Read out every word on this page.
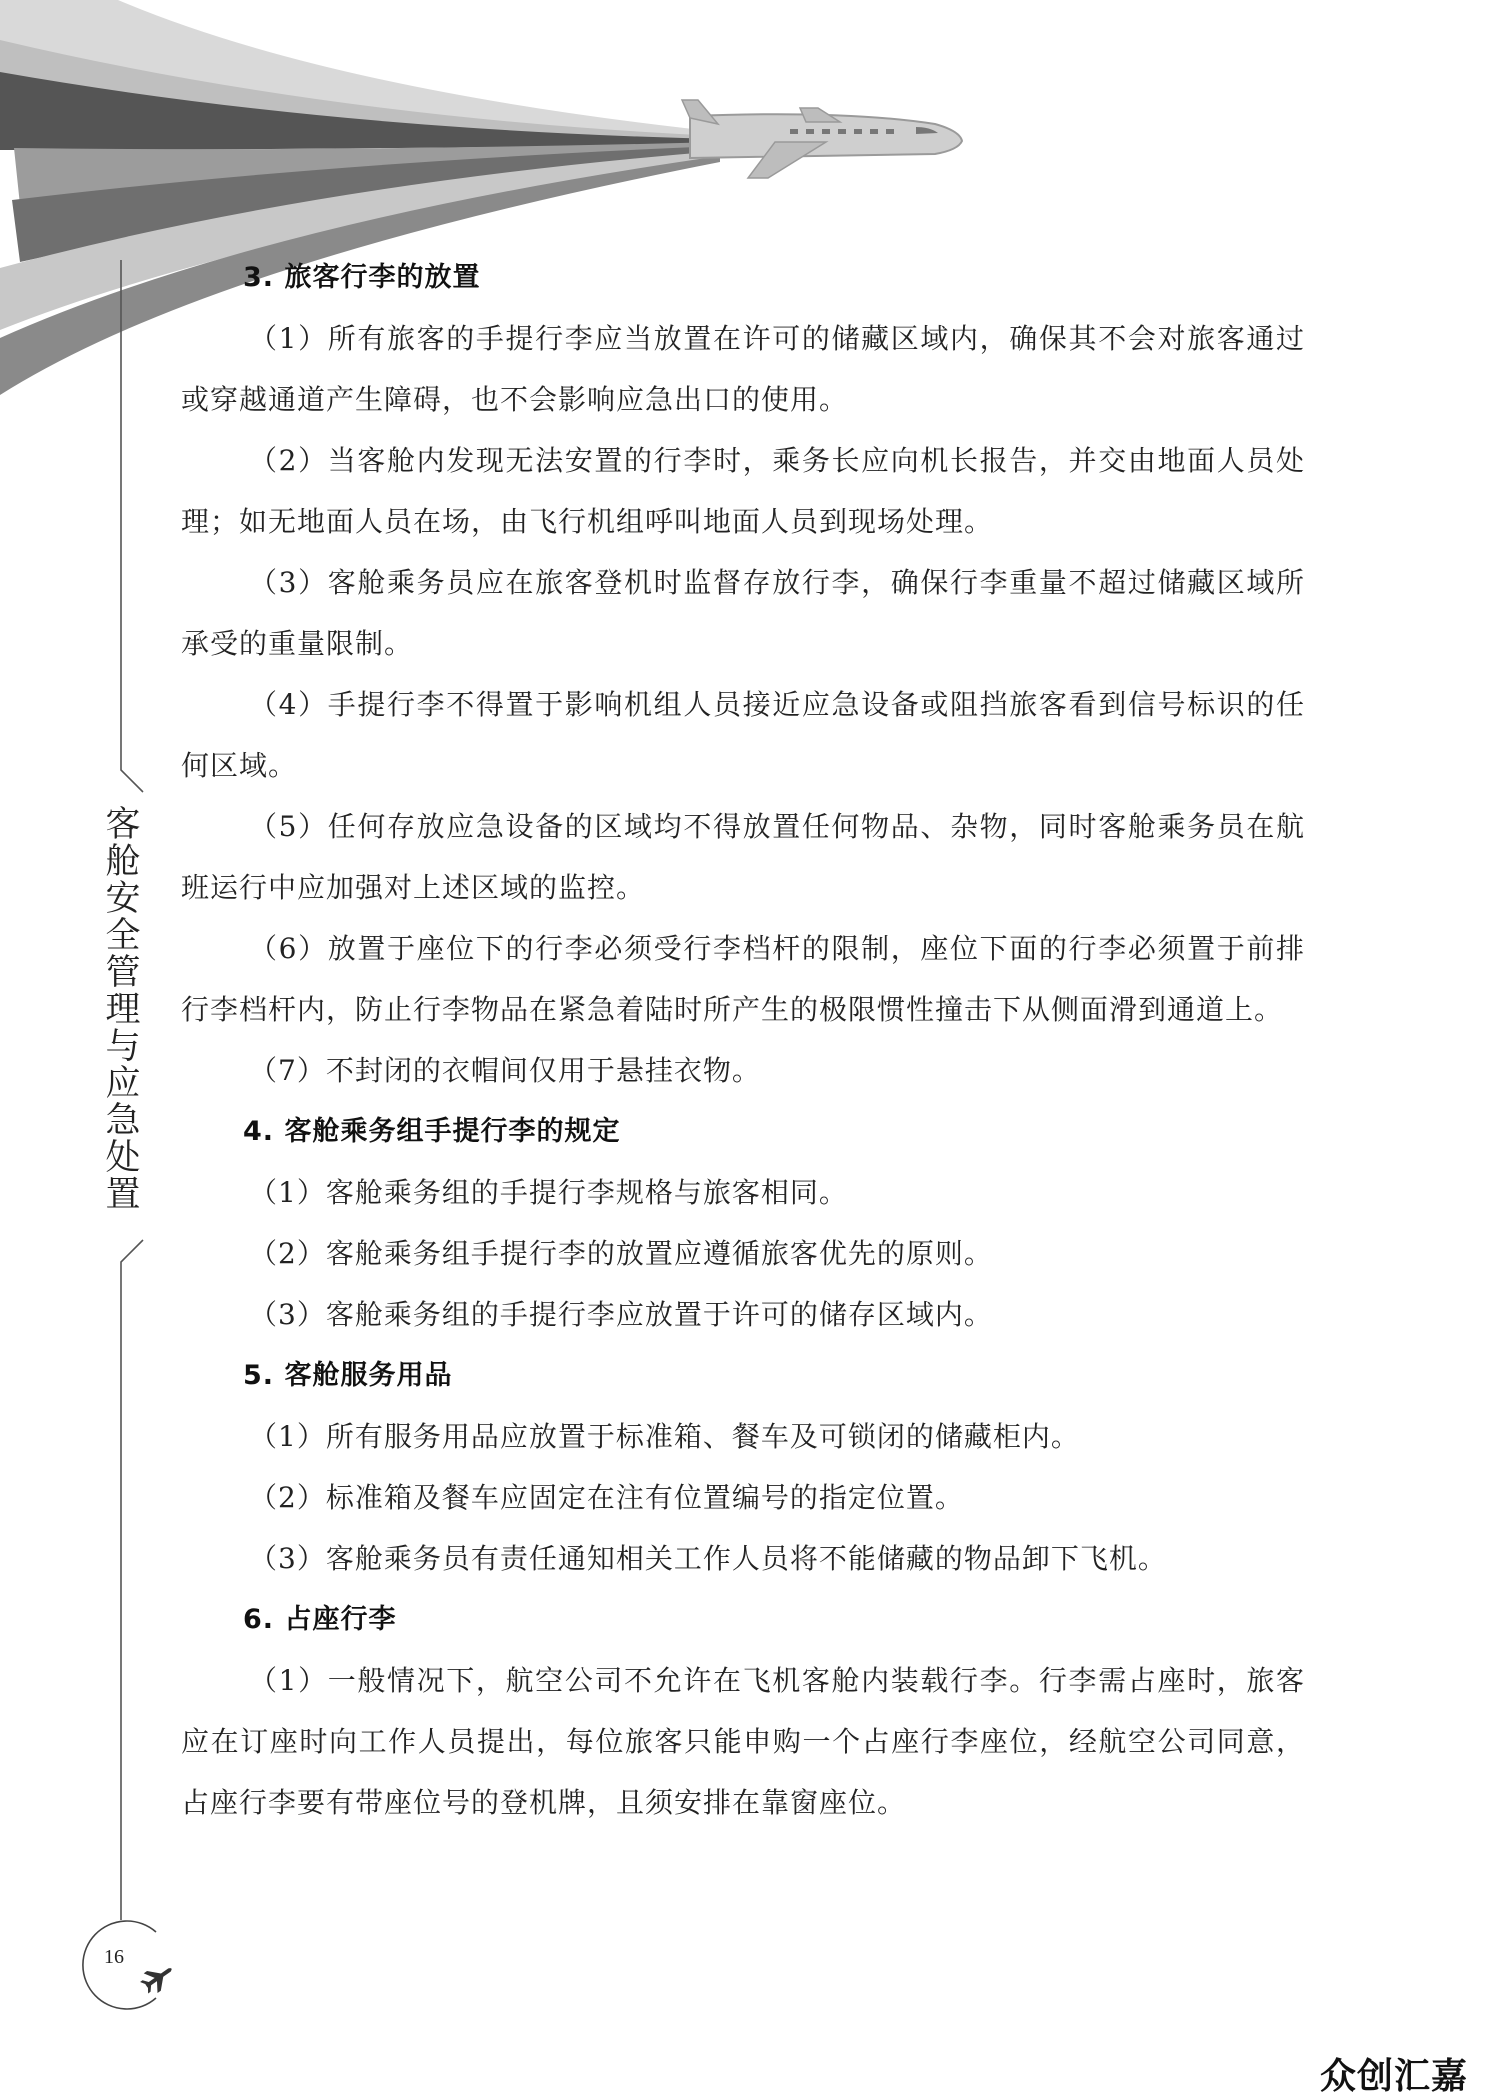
客舱安全管理与应急处置
16
3. 旅客行李的放置

（1）所有旅客的手提行李应当放置在许可的储藏区域内，确保其不会对旅客通过或穿越通道产生障碍，也不会影响应急出口的使用。

（2）当客舱内发现无法安置的行李时，乘务长应向机长报告，并交由地面人员处理；如无地面人员在场，由飞行机组呼叫地面人员到现场处理。

（3）客舱乘务员应在旅客登机时监督存放行李，确保行李重量不超过储藏区域所承受的重量限制。

（4）手提行李不得置于影响机组人员接近应急设备或阻挡旅客看到信号标识的任何区域。

（5）任何存放应急设备的区域均不得放置任何物品、杂物，同时客舱乘务员在航班运行中应加强对上述区域的监控。

（6）放置于座位下的行李必须受行李档杆的限制，座位下面的行李必须置于前排行李档杆内，防止行李物品在紧急着陆时所产生的极限惯性撞击下从侧面滑到通道上。

（7）不封闭的衣帽间仅用于悬挂衣物。

4. 客舱乘务组手提行李的规定

（1）客舱乘务组的手提行李规格与旅客相同。

（2）客舱乘务组手提行李的放置应遵循旅客优先的原则。

（3）客舱乘务组的手提行李应放置于许可的储存区域内。

5. 客舱服务用品

（1）所有服务用品应放置于标准箱、餐车及可锁闭的储藏柜内。

（2）标准箱及餐车应固定在注有位置编号的指定位置。

（3）客舱乘务员有责任通知相关工作人员将不能储藏的物品卸下飞机。

6. 占座行李

（1）一般情况下，航空公司不允许在飞机客舱内装载行李。行李需占座时，旅客应在订座时向工作人员提出，每位旅客只能申购一个占座行李座位，经航空公司同意，占座行李要有带座位号的登机牌，且须安排在靠窗座位。

众创汇嘉
